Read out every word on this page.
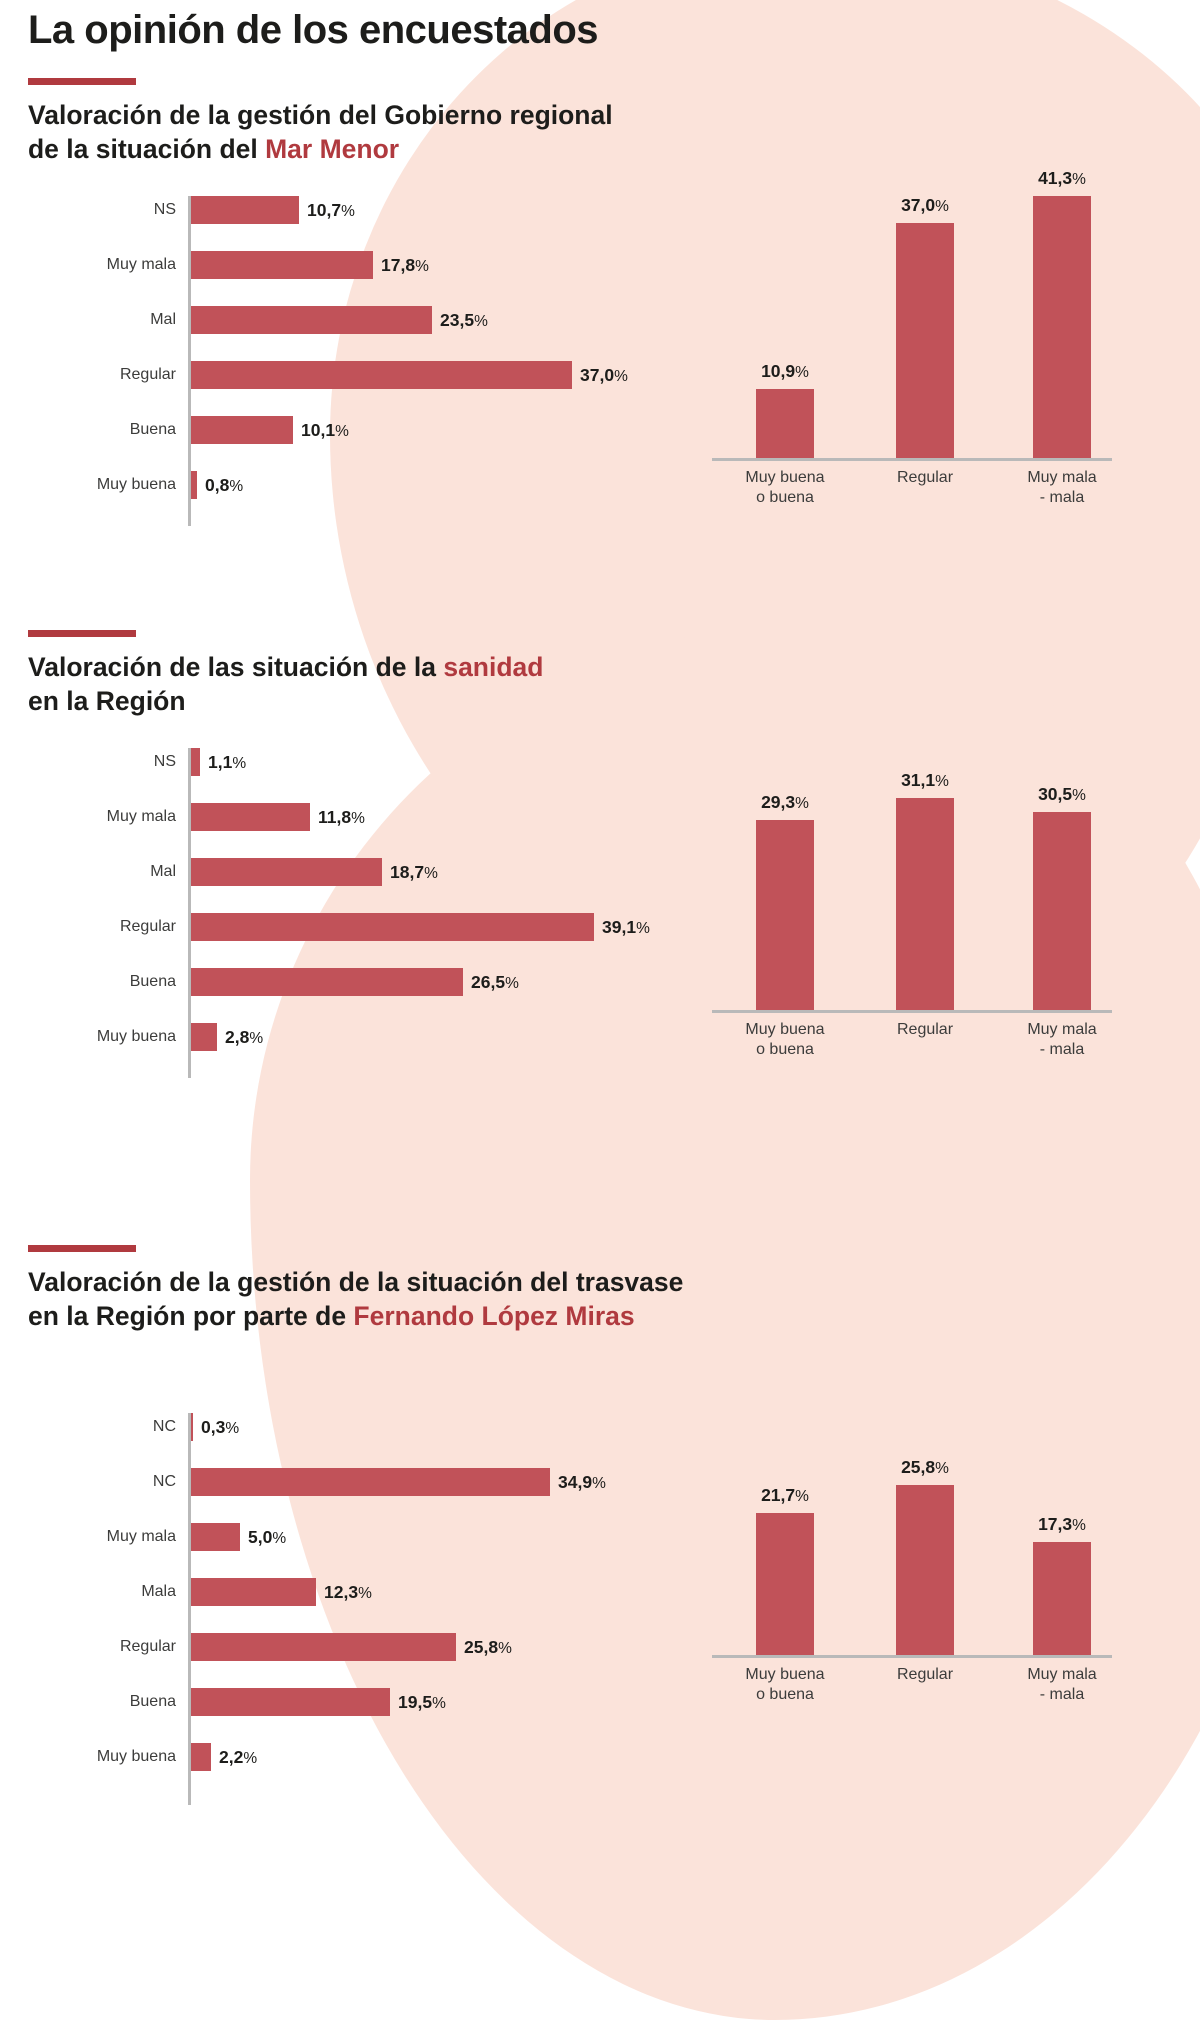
La opinión de los encuestados
Valoración de la gestión del Gobierno regional
de la situación del Mar Menor
NS	10,7%
Muy mala	17,8%
Mal	23,5%
Regular	37,0%
Buena	10,1%
Muy buena	0,8%
10,9%
37,0%
41,3%
Muy buena
o buena
Regular	Muy mala
- mala
Valoración de las situación de la sanidad
en la Región
NS	1,1%
Muy mala	11,8%
Mal	18,7%
Regular	39,1%
Buena	26,5%
Muy buena	2,8%
29,3%
31,1%
30,5%
Muy buena
o buena
Regular	Muy mala
- mala
Valoración de la gestión de la situación del trasvase
en la Región por parte de Fernando López Miras
NC	0,3%
NC	34,9%
Muy mala	5,0%
Mala	12,3%
Regular	25,8%
Buena	19,5%
Muy buena	2,2%
21,7%
25,8%
17,3%
Muy buena
o buena
Regular	Muy mala
- mala
